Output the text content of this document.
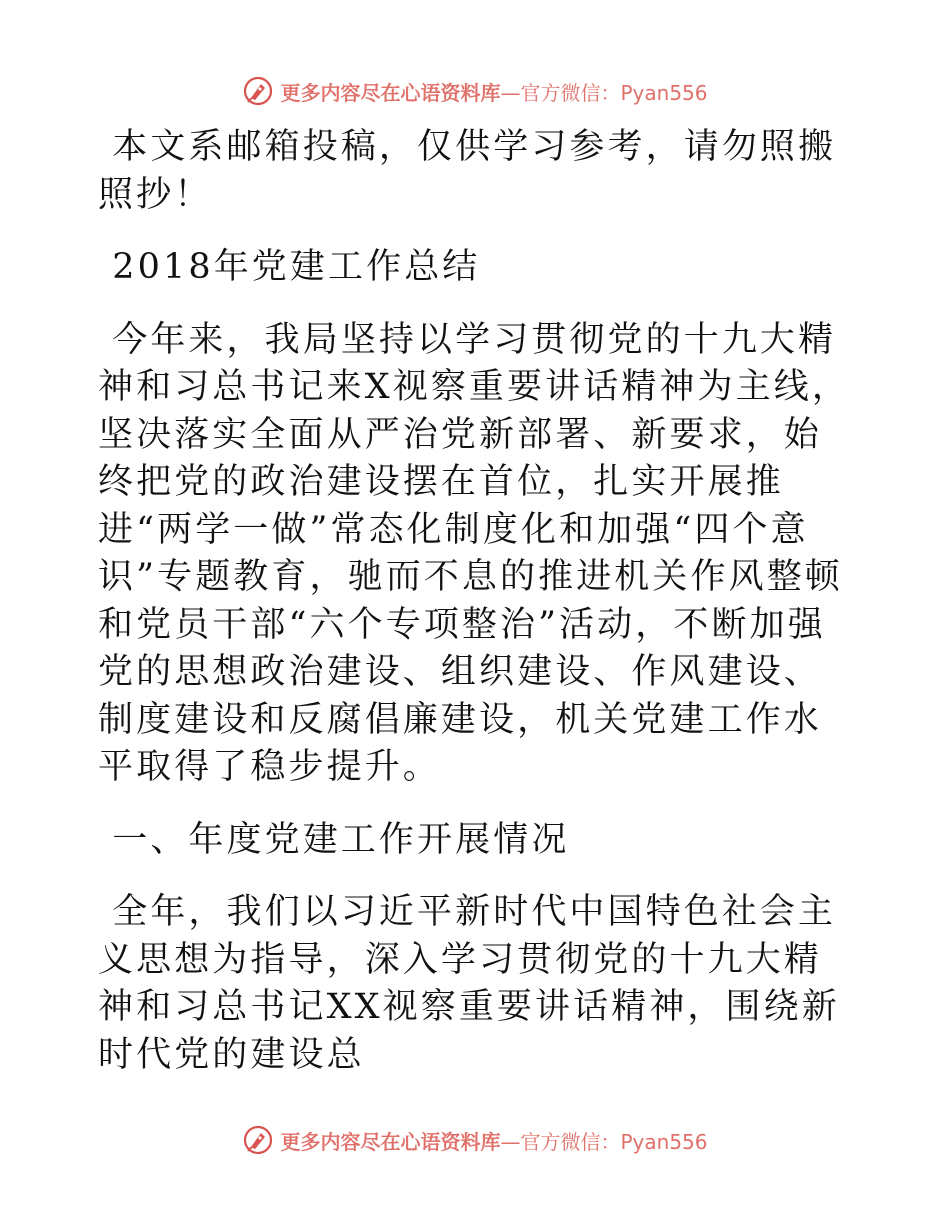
更多内容尽在心语资料库—官方微信：Pyan556

本文系邮箱投稿，仅供学习参考，请勿照搬照抄！

2018年党建工作总结

今年来，我局坚持以学习贯彻党的十九大精神和习总书记来X视察重要讲话精神为主线，坚决落实全面从严治党新部署、新要求，始终把党的政治建设摆在首位，扎实开展推进“两学一做”常态化制度化和加强“四个意识”专题教育，驰而不息的推进机关作风整顿和党员干部“六个专项整治”活动，不断加强党的思想政治建设、组织建设、作风建设、制度建设和反腐倡廉建设，机关党建工作水平取得了稳步提升。

一、年度党建工作开展情况

全年，我们以习近平新时代中国特色社会主义思想为指导，深入学习贯彻党的十九大精神和习总书记XX视察重要讲话精神，围绕新时代党的建设总

更多内容尽在心语资料库—官方微信：Pyan556
